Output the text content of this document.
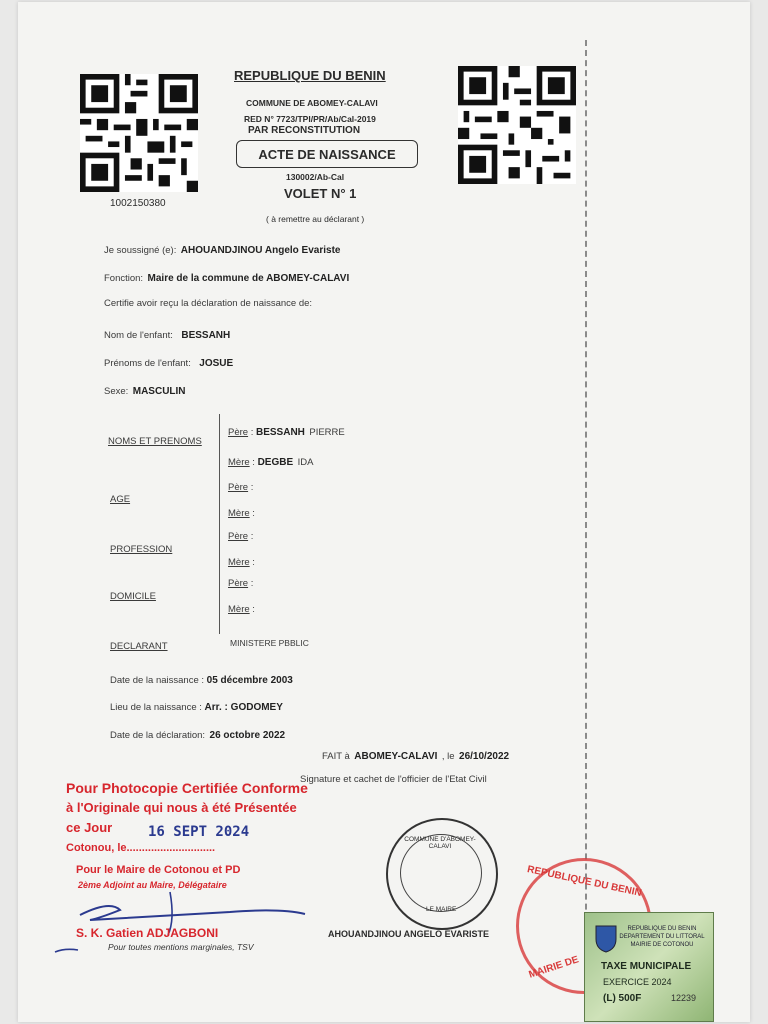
1002150380
REPUBLIQUE DU BENIN
COMMUNE DE ABOMEY-CALAVI
RED N° 7723/TPI/PR/Ab/Cal-2019
PAR RECONSTITUTION
ACTE DE NAISSANCE
130002/Ab-Cal
VOLET N° 1
( à remettre au déclarant )
Je soussigné (e): AHOUANDJINOU Angelo Evariste
Fonction: Maire de la commune de ABOMEY-CALAVI
Certifie avoir reçu la déclaration de naissance de:
Nom de l'enfant: BESSANH
Prénoms de l'enfant: JOSUE
Sexe: MASCULIN
NOMS ET PRENOMS
AGE
PROFESSION
DOMICILE
DECLARANT
Père : BESSANH PIERRE
Mère : DEGBE IDA
Père :
Mère :
Père :
Mère :
Père :
Mère :
MINISTERE PBBLIC
Date de la naissance : 05 décembre 2003
Lieu de la naissance : Arr. : GODOMEY
Date de la déclaration: 26 octobre 2022
FAIT à ABOMEY-CALAVI , le 26/10/2022
Signature et cachet de l'officier de l'Etat Civil
Pour Photocopie Certifiée Conforme
à l'Originale qui nous à été Présentée
ce Jour	16 SEPT 2024
Cotonou, le.............................
Pour le Maire de Cotonou et PD
2ème Adjoint au Maire, Délégataire
S. K. Gatien ADJAGBONI
Pour toutes mentions marginales, TSV
COMMUNE D'ABOMEY-CALAVI
LE MAIRE
AHOUANDJINOU ANGELO EVARISTE
REPUBLIQUE DU BENIN
MAIRIE DE
REPUBLIQUE DU BENIN
DEPARTEMENT DU LITTORAL
MAIRIE DE COTONOU
TAXE MUNICIPALE
EXERCICE 2024
(L) 500F	12239
